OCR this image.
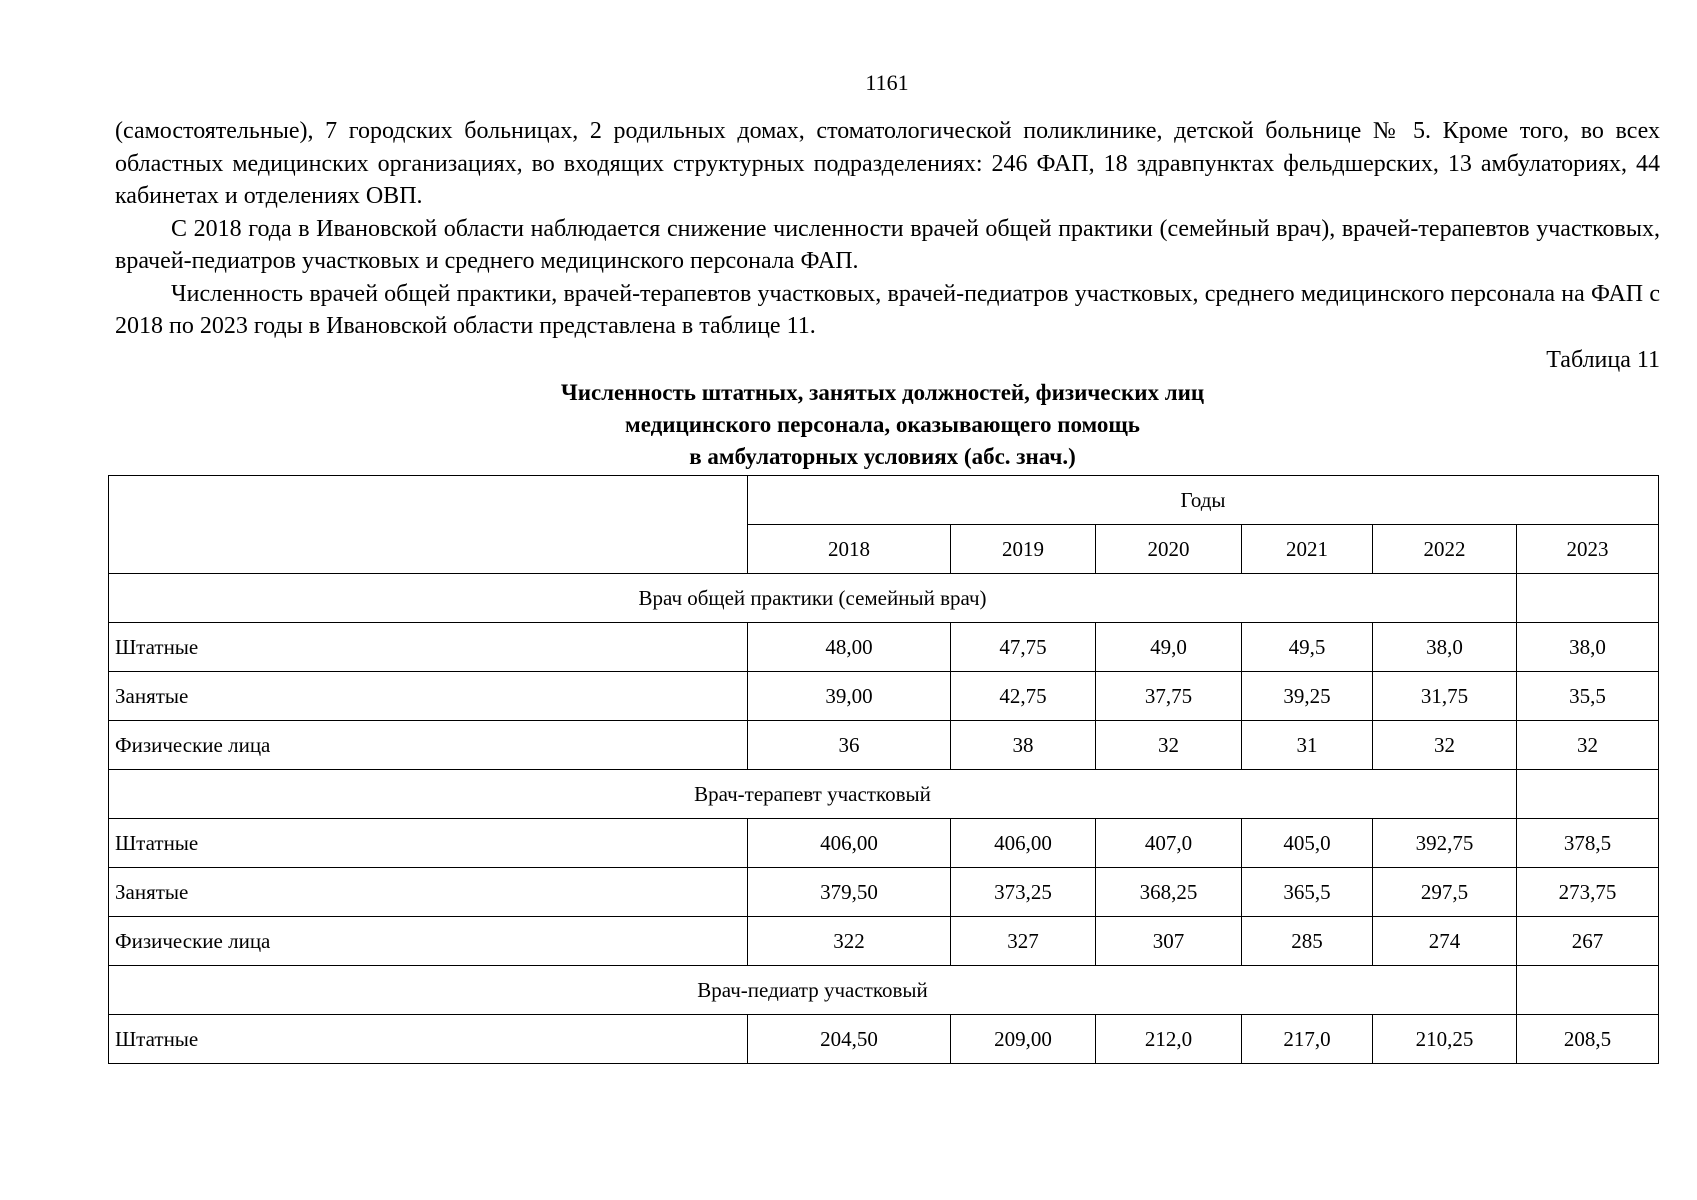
1161

(самостоятельные), 7 городских больницах, 2 родильных домах, стоматологической поликлинике, детской больнице № 5. Кроме того, во всех областных медицинских организациях, во входящих структурных подразделениях: 246 ФАП, 18 здравпунктах фельдшерских, 13 амбулаториях, 44 кабинетах и отделениях ОВП.

С 2018 года в Ивановской области наблюдается снижение численности врачей общей практики (семейный врач), врачей-терапевтов участковых, врачей-педиатров участковых и среднего медицинского персонала ФАП.

Численность врачей общей практики, врачей-терапевтов участковых, врачей-педиатров участковых, среднего медицинского персонала на ФАП с 2018 по 2023 годы в Ивановской области представлена в таблице 11.

Таблица 11
Численность штатных, занятых должностей, физических лиц
медицинского персонала, оказывающего помощь
в амбулаторных условиях (абс. знач.)
	Годы					
	2018	2019	2020	2021	2022	2023
Врач общей практики (семейный врач)						
Штатные	48,00	47,75	49,0	49,5	38,0	38,0
Занятые	39,00	42,75	37,75	39,25	31,75	35,5
Физические лица	36	38	32	31	32	32
Врач-терапевт участковый						
Штатные	406,00	406,00	407,0	405,0	392,75	378,5
Занятые	379,50	373,25	368,25	365,5	297,5	273,75
Физические лица	322	327	307	285	274	267
Врач-педиатр участковый						
Штатные	204,50	209,00	212,0	217,0	210,25	208,5
